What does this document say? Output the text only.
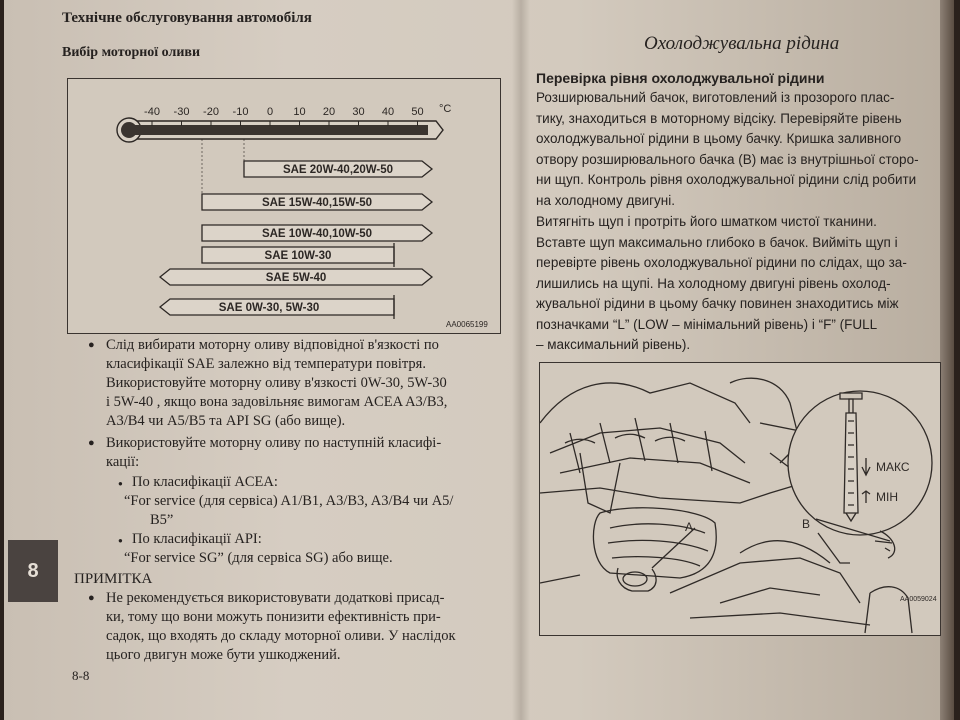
Технічне обслуговування автомобіля
Вибір моторної оливи
-40 -30 -20 -10 0 10 20 30 40 50 °C
SAE 20W-40,20W-50
SAE 15W-40,15W-50
SAE 10W-40,10W-50
SAE 10W-30
SAE 5W-40
SAE 0W-30, 5W-30
AA0065199
● Слід вибирати моторну оливу відповідної в'язкості по
класифікації SAE залежно від температури повітря.
Використовуйте моторну оливу в'язкості 0W-30, 5W-30
і 5W-40 , якщо вона задовільняє вимогам ACEA A3/B3,
A3/B4 чи A5/B5 та API SG (або вище).
● Використовуйте моторну оливу по наступній класифі-
кації:
● По класифікації ACEA:
“For service (для сервіса) A1/B1, A3/B3, A3/B4 чи A5/
B5”
● По класифікації API:
“For service SG” (для сервіса SG) або вище.
ПРИМІТКА
● Не рекомендується використовувати додаткові присад-
ки, тому що вони можуть понизити ефективність при-
садок, що входять до складу моторної оливи. У наслідок
цього двигун може бути ушкоджений.
8-8
8
Охолоджувальна рідина
Перевірка рівня охолоджувальної рідини
Розширювальний бачок, виготовлений із прозорого плас-
тику, знаходиться в моторному відсіку. Перевіряйте рівень
охолоджувальної рідини в цьому бачку. Кришка заливного
отвору розширювального бачка (B) має із внутрішньої сторо-
ни щуп. Контроль рівня охолоджувальної рідини слід робити
на холодному двигуні.
Витягніть щуп і протріть його шматком чистої тканини.
Вставте щуп максимально глибоко в бачок. Вийміть щуп і
перевірте рівень охолоджувальної рідини по слідах, що за-
лишились на щупі. На холодному двигуні рівень охолод-
жувальної рідини в цьому бачку повинен знаходитись між
позначками “L” (LOW – мінімальний рівень) і “F” (FULL
– максимальний рівень).
A	B
МАКС
МІН
AA0059024
